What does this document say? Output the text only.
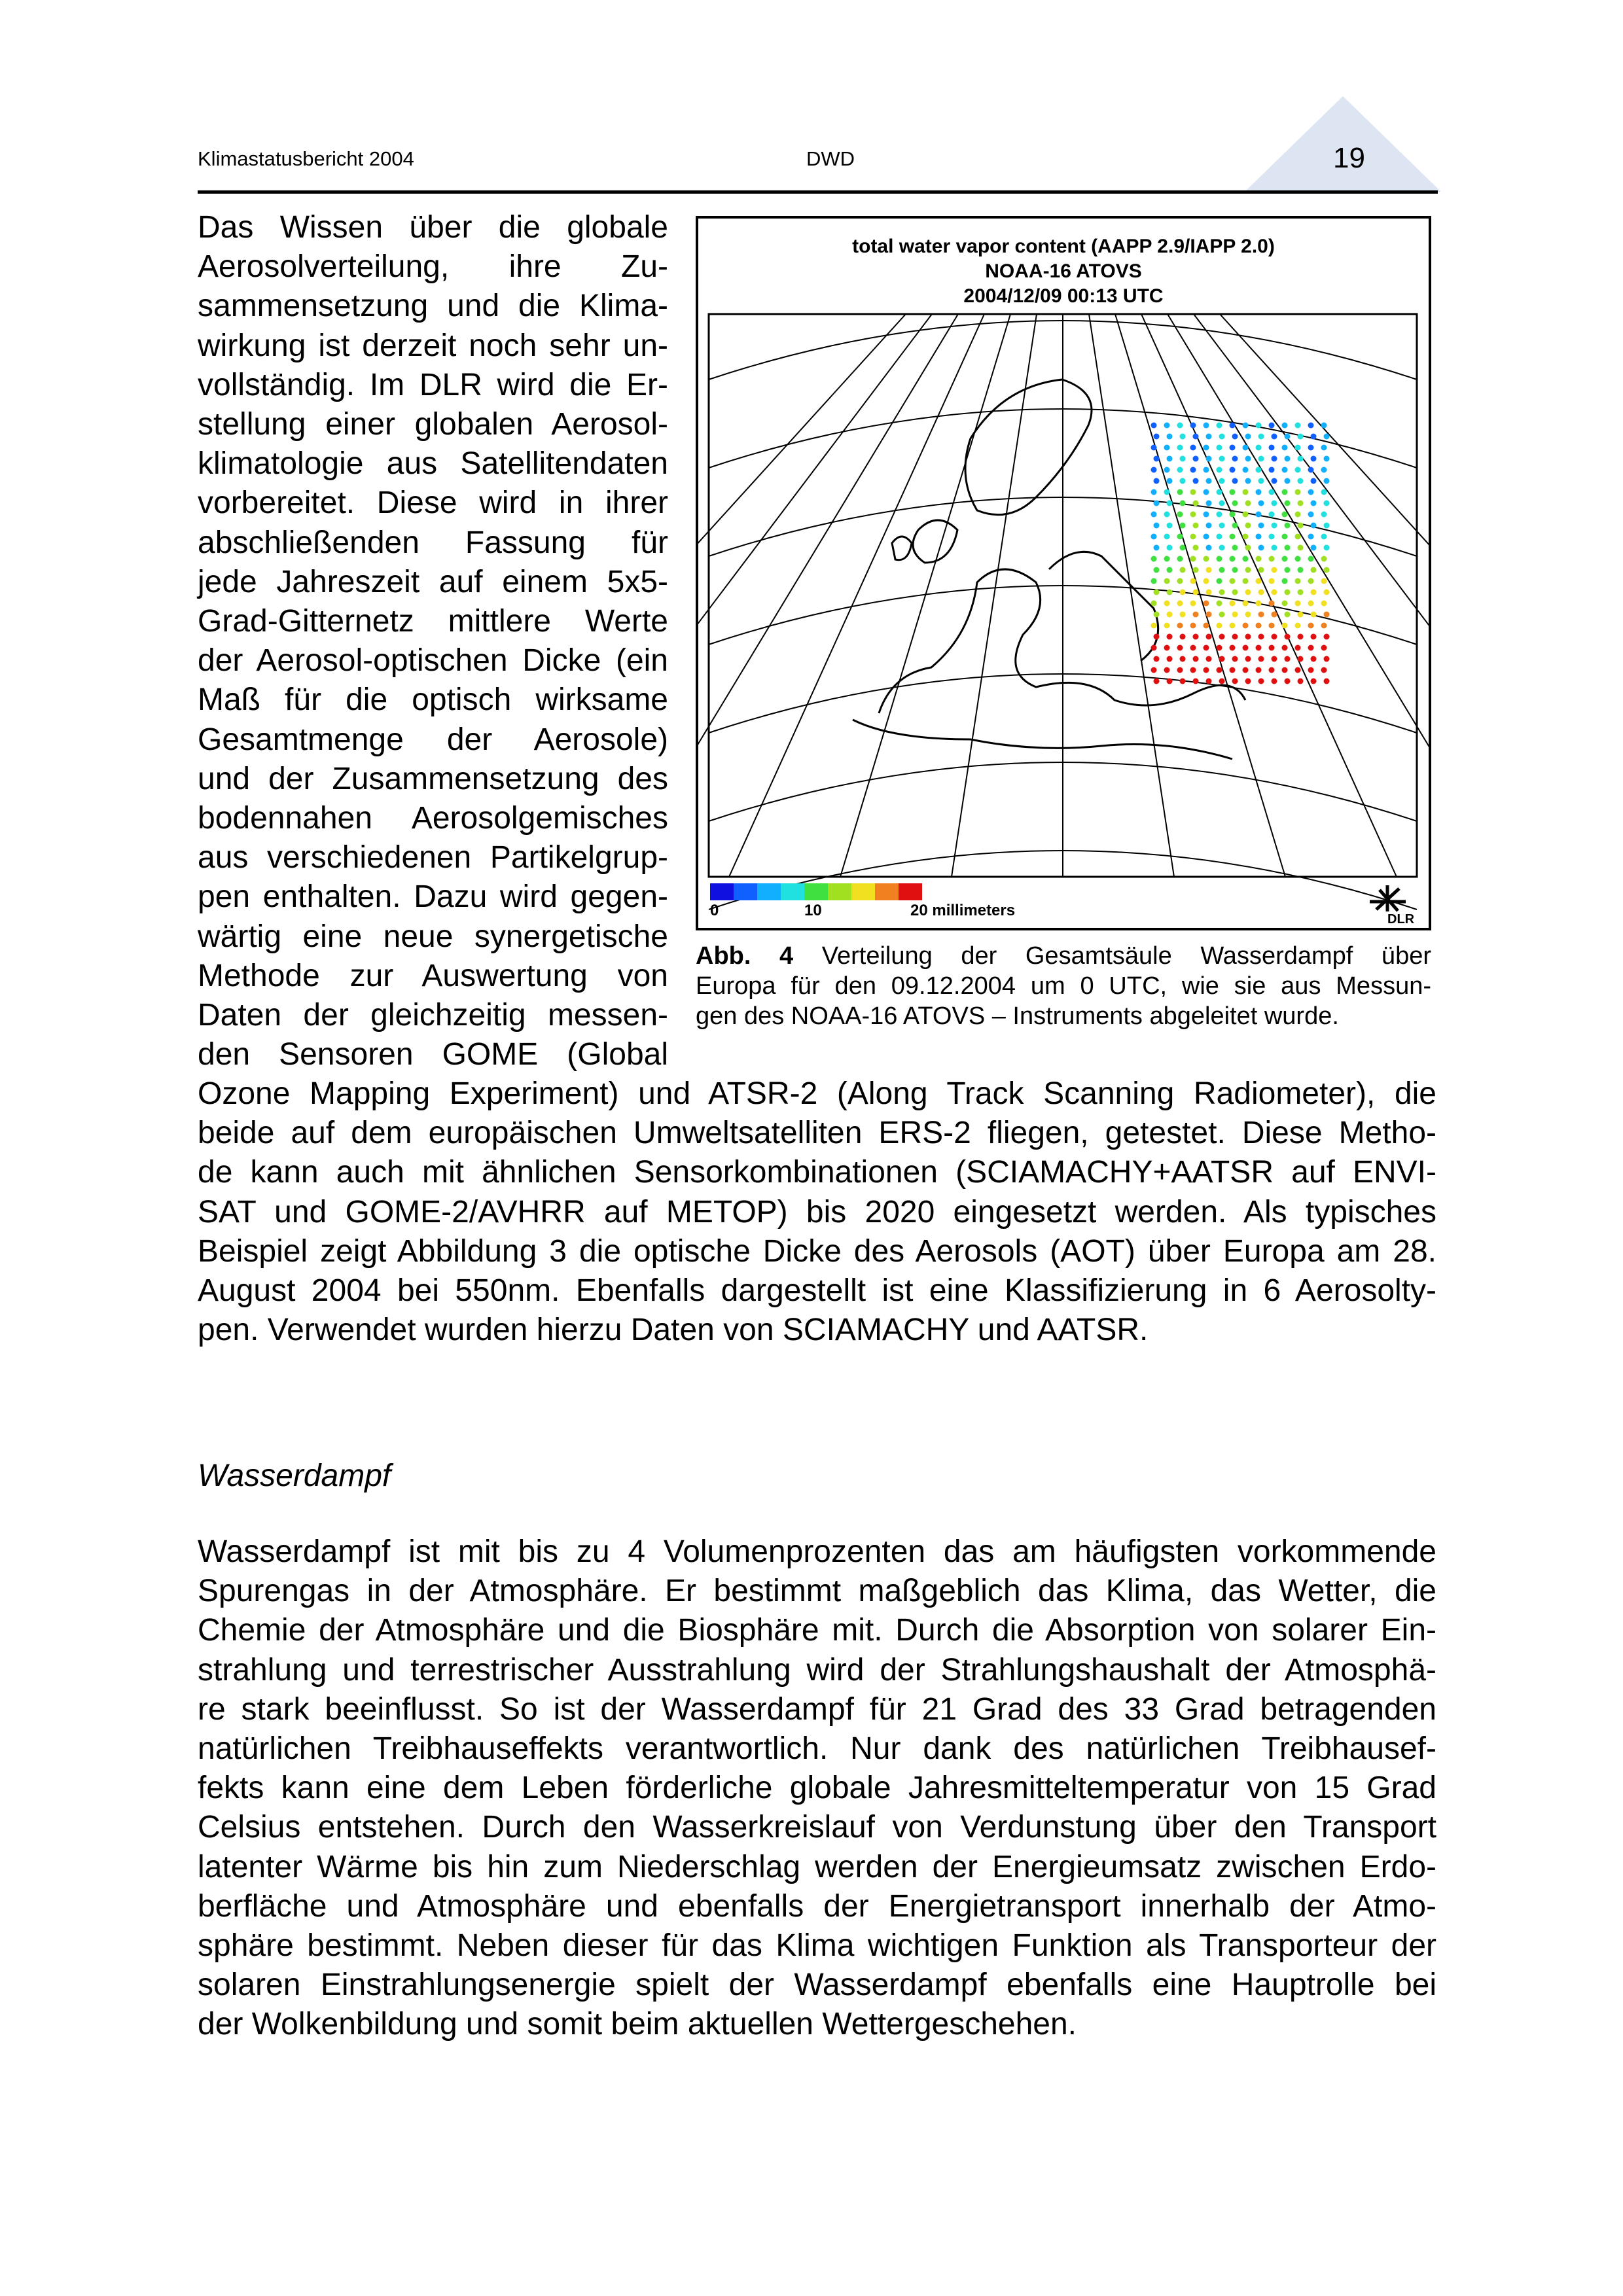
Klimastatusbericht 2004	DWD	19
Das Wissen über die globale
Aerosolverteilung, ihre Zu-
sammensetzung und die Klima-
wirkung ist derzeit noch sehr un-
vollständig. Im DLR wird die Er-
stellung einer globalen Aerosol-
klimatologie aus Satellitendaten
vorbereitet. Diese wird in ihrer
abschließenden Fassung für
jede Jahreszeit auf einem 5x5-
Grad-Gitternetz mittlere Werte
der Aerosol-optischen Dicke (ein
Maß für die optisch wirksame
Gesamtmenge der Aerosole)
und der Zusammensetzung des
bodennahen Aerosolgemisches
aus verschiedenen Partikelgrup-
pen enthalten. Dazu wird gegen-
wärtig eine neue synergetische
Methode zur Auswertung von
Daten der gleichzeitig messen-
den Sensoren GOME (Global
Ozone Mapping Experiment) und ATSR-2 (Along Track Scanning Radiometer), die
beide auf dem europäischen Umweltsatelliten ERS-2 fliegen, getestet. Diese Metho-
de kann auch mit ähnlichen Sensorkombinationen (SCIAMACHY+AATSR auf ENVI-
SAT und GOME-2/AVHRR auf METOP) bis 2020 eingesetzt werden. Als typisches
Beispiel zeigt Abbildung 3 die optische Dicke des Aerosols (AOT) über Europa am 28.
August 2004 bei 550nm. Ebenfalls dargestellt ist eine Klassifizierung in 6 Aerosolty-
pen. Verwendet wurden hierzu Daten von SCIAMACHY und AATSR.
total water vapor content (AAPP 2.9/IAPP 2.0)
NOAA-16 ATOVS
2004/12/09 00:13 UTC
0	10	20 millimeters	DLR
Abb. 4 Verteilung der Gesamtsäule Wasserdampf über
Europa für den 09.12.2004 um 0 UTC, wie sie aus Messun-
gen des NOAA-16 ATOVS – Instruments abgeleitet wurde.
Wasserdampf
Wasserdampf ist mit bis zu 4 Volumenprozenten das am häufigsten vorkommende
Spurengas in der Atmosphäre. Er bestimmt maßgeblich das Klima, das Wetter, die
Chemie der Atmosphäre und die Biosphäre mit. Durch die Absorption von solarer Ein-
strahlung und terrestrischer Ausstrahlung wird der Strahlungshaushalt der Atmosphä-
re stark beeinflusst. So ist der Wasserdampf für 21 Grad des 33 Grad betragenden
natürlichen Treibhauseffekts verantwortlich. Nur dank des natürlichen Treibhausef-
fekts kann eine dem Leben förderliche globale Jahresmitteltemperatur von 15 Grad
Celsius entstehen. Durch den Wasserkreislauf von Verdunstung über den Transport
latenter Wärme bis hin zum Niederschlag werden der Energieumsatz zwischen Erdo-
berfläche und Atmosphäre und ebenfalls der Energietransport innerhalb der Atmo-
sphäre bestimmt. Neben dieser für das Klima wichtigen Funktion als Transporteur der
solaren Einstrahlungsenergie spielt der Wasserdampf ebenfalls eine Hauptrolle bei
der Wolkenbildung und somit beim aktuellen Wettergeschehen.
